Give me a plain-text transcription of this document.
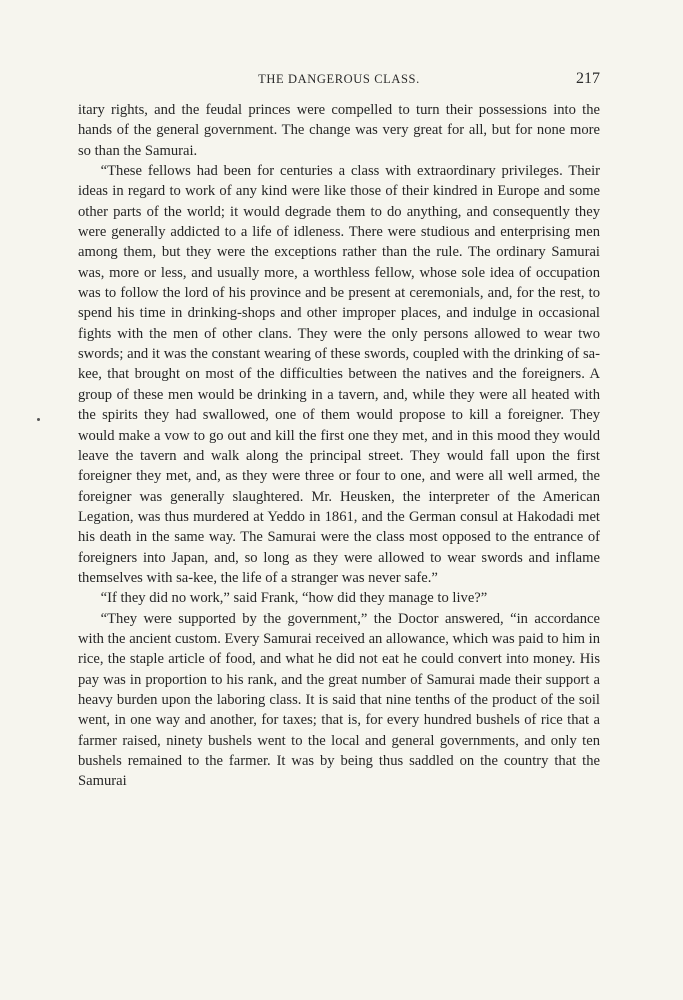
THE DANGEROUS CLASS.	217

itary rights, and the feudal princes were compelled to turn their possessions into the hands of the general government. The change was very great for all, but for none more so than the Samurai.

“These fellows had been for centuries a class with extraordinary privileges. Their ideas in regard to work of any kind were like those of their kindred in Europe and some other parts of the world; it would degrade them to do anything, and consequently they were generally addicted to a life of idleness. There were studious and enterprising men among them, but they were the exceptions rather than the rule. The ordinary Samurai was, more or less, and usually more, a worthless fellow, whose sole idea of occupation was to follow the lord of his province and be present at ceremonials, and, for the rest, to spend his time in drinking-shops and other improper places, and indulge in occasional fights with the men of other clans. They were the only persons allowed to wear two swords; and it was the constant wearing of these swords, coupled with the drinking of sa-kee, that brought on most of the difficulties between the natives and the foreigners. A group of these men would be drinking in a tavern, and, while they were all heated with the spirits they had swallowed, one of them would propose to kill a foreigner. They would make a vow to go out and kill the first one they met, and in this mood they would leave the tavern and walk along the principal street. They would fall upon the first foreigner they met, and, as they were three or four to one, and were all well armed, the foreigner was generally slaughtered. Mr. Heusken, the interpreter of the American Legation, was thus murdered at Yeddo in 1861, and the German consul at Hakodadi met his death in the same way. The Samurai were the class most opposed to the entrance of foreigners into Japan, and, so long as they were allowed to wear swords and inflame themselves with sa-kee, the life of a stranger was never safe.”

“If they did no work,” said Frank, “how did they manage to live?”

“They were supported by the government,” the Doctor answered, “in accordance with the ancient custom. Every Samurai received an allowance, which was paid to him in rice, the staple article of food, and what he did not eat he could convert into money. His pay was in proportion to his rank, and the great number of Samurai made their support a heavy burden upon the laboring class. It is said that nine tenths of the product of the soil went, in one way and another, for taxes; that is, for every hundred bushels of rice that a farmer raised, ninety bushels went to the local and general governments, and only ten bushels remained to the farmer. It was by being thus saddled on the country that the Samurai
